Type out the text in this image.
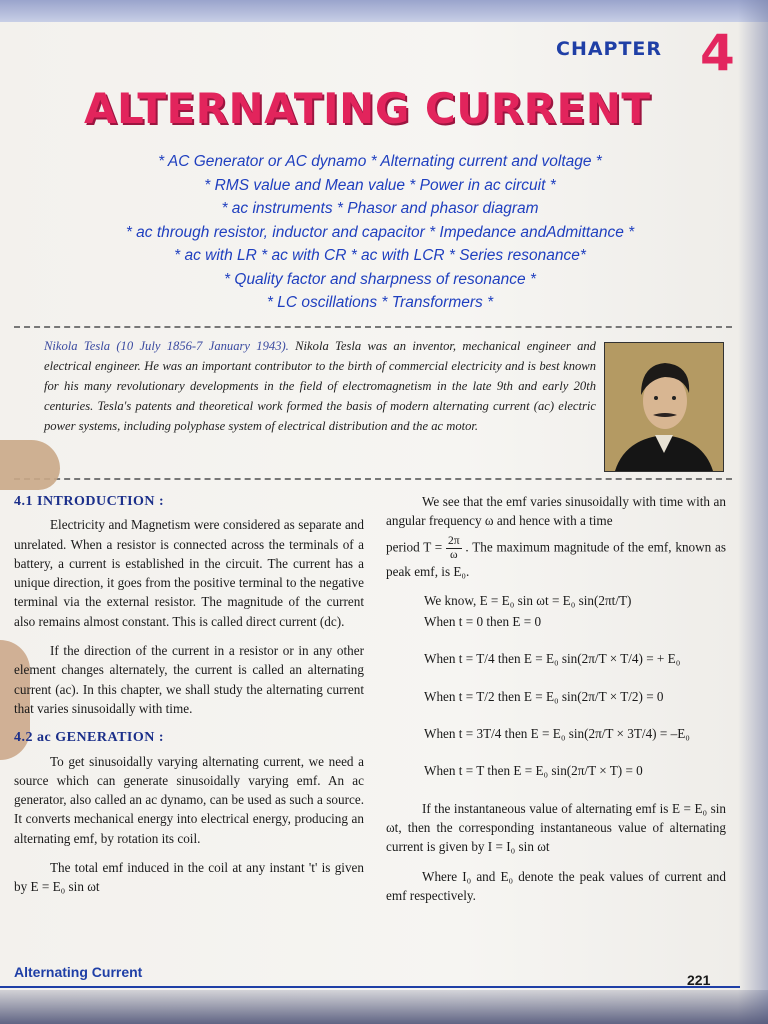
CHAPTER 4
ALTERNATING CURRENT
* AC Generator or AC dynamo * Alternating current and voltage *
* RMS value and Mean value * Power in ac circuit *
* ac instruments * Phasor and phasor diagram
* ac through resistor, inductor and capacitor * Impedance andAdmittance *
* ac with LR * ac with CR * ac with LCR * Series resonance*
* Quality factor and sharpness of resonance *
* LC oscillations * Transformers *
Nikola Tesla (10 July 1856-7 January 1943). Nikola Tesla was an inventor, mechanical engineer and electrical engineer. He was an important contributor to the birth of commercial electricity and is best known for his many revolutionary developments in the field of electromagnetism in the late 9th and early 20th centuries. Tesla's patents and theoretical work formed the basis of modern alternating current (ac) electric power systems, including polyphase system of electrical distribution and the ac motor.
4.1 INTRODUCTION :

Electricity and Magnetism were considered as separate and unrelated. When a resistor is connected across the terminals of a battery, a current is established in the circuit. The current has a unique direction, it goes from the positive terminal to the negative terminal via the external resistor. The magnitude of the current also remains almost constant. This is called direct current (dc).

If the direction of the current in a resistor or in any other element changes alternately, the current is called an alternating current (ac). In this chapter, we shall study the alternating current that varies sinusoidally with time.

4.2 ac GENERATION :

To get sinusoidally varying alternating current, we need a source which can generate sinusoidally varying emf. An ac generator, also called an ac dynamo, can be used as such a source. It converts mechanical energy into electrical energy, producing an alternating emf, by rotation its coil.

The total emf induced in the coil at any instant 't' is given by E = E₀ sin ωt

We see that the emf varies sinusoidally with time with an angular frequency ω and hence with a time

period $T = \frac{2\pi}{\omega}$ . The maximum magnitude of the emf, known as peak emf, is E₀.

We know, E = E₀ sin ωt = E₀ sin(2πt/T)
When t = 0 then E = 0
When t = T/4 then E = E₀ sin(2π/T × T/4) = + E₀
When t = T/2 then E = E₀ sin(2π/T × T/2) = 0
When t = 3T/4 then E = E₀ sin(2π/T × 3T/4) = –E₀
When t = T then E = E₀ sin(2π/T × T) = 0

If the instantaneous value of alternating emf is E = E₀ sin ωt, then the corresponding instantaneous value of alternating current is given by I = I₀ sin ωt

Where I₀ and E₀ denote the peak values of current and emf respectively.

Alternating Current	221
